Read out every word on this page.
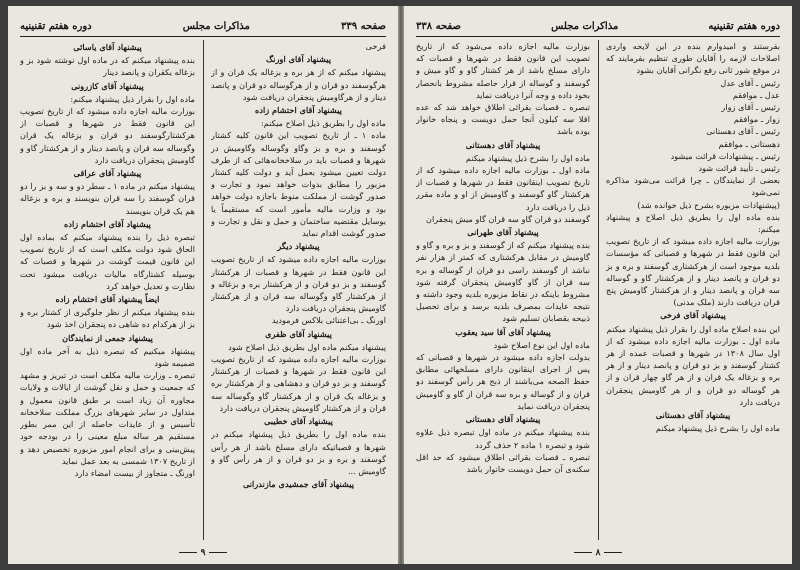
صفحه ۳۳۹
مذاکرات مجلس
دوره هفتم تقنینیه

فرخی

پیشنهاد آقای اورنگ

پیشنهاد میکنم که از هر بره و بزغاله یک قران و از هرگوسفند دو قران و از هرگوساله دو قران و پانصد دینار و از هرگاومیش پنجقران دریافت شود

پیشنهاد آقای احتشام زاده

ماده اول را بطریق ذیل اصلاح میکنم:

ماده ۱ ـ از تاریخ تصویب این قانون کلیه کشتار گوسفند و بره و بز وگاو وگوساله وگاومیش در شهرها و قصبات باید در سلاخخانه‌هائی که از طرف دولت تعیین میشود بعمل آید و دولت کلیه کشتار مزبور را مطابق بدوات خواهد نمود و تجارت و صدور گوشت از مملکت منوط باجازه دولت خواهد بود و وزارت مالیه مأمور است که مستقیماً یا بوسایل مقتضیه ساختمان و حمل و نقل و تجارت و صدور گوشت اقدام نماید

پیشنهاد دیگر

بوزارت مالیه اجازه داده میشود که از تاریخ تصویب این قانون فقط در شهرها و قصبات از هرکشتار گوسفند و بز دو قران و از هرکشتار بره و بزغاله و از هرکشتار گاو وگوساله سه قران و از هرکشتار گاومیش پنجقران دریافت دارد

اورنگ ـ بی‌اعتنائی بلاکس فرمودید

پیشنهاد آقای ظفری

پیشنهاد میکنم ماده اول بطریق ذیل اصلاح شود

بوزارت مالیه اجازه داده میشود که از تاریخ تصویب این قانون فقط در شهرها و قصبات از هرکشتار گوسفند و بز دو قران و دهشاهی و از هرکشتار بره و بزغاله یک قران و از هرکشتار گاو وگوساله سه قران و از هرکشتار گاومیش پنجقران دریافت دارد

پیشنهاد آقای خطیبی

بنده ماده اول را بطریق ذیل پیشنهاد میکنم در شهرها و قصباتیکه دارای مسلخ باشد از هر رأس گوسفند و بره و بز دو قران و از هر رأس گاو و گاومیش ...

پیشنهاد آقای جمشیدی مازندرانی

پیشنهاد آقای یاسائی

بنده پیشنهاد میکنم که در ماده اول نوشته شود بز و بزغاله یکقران و پانصد دینار

پیشنهاد آقای کازرونی

ماده اول را بقرار ذیل پیشنهاد میکنم:

بوزارت مالیه اجازه داده میشود که از تاریخ تصویب این قانون فقط در شهرها و قصبات از هرکشتارگوسفند دو قران و بزغاله یک قران وگوساله سه قران و پانصد دینار و از هرکشتار گاو و گاومیش پنجقران دریافت دارد

پیشنهاد آقای عراقی

پیشنهاد میکنم در ماده ۱ ـ سطر دو و سه و بز را دو قران گوسفند را سه قران بنویسند و بره و بزغاله هم یک قران بنویسند

پیشنهاد آقای احتشام زاده

تبصره ذیل را بنده پیشنهاد میکنم که بماده اول الحاق شود دولت مکلف است که از تاریخ تصویب این قانون قیمت گوشت در شهرها و قصبات که بوسیله کشتارگاه مالیات دریافت میشود تحت نظارت و تعدیل خواهد کرد

ایضاً پیشنهاد آقای احتشام زاده

بنده پیشنهاد میکنم از نظر جلوگیری از کشتار بره و بز از هرکدام ده شاهی ده پنجقران اخذ شود

پیشنهاد جمعی از نمایندگان

پیشنهاد میکنیم که تبصره ذیل به آخر ماده اول ضمیمه شود

تبصره ـ وزارت مالیه مکلف است در تبریز و مشهد که جمعیت و حمل و نقل گوشت از ایالات و ولایات مجاوره آن زیاد است بر طبق قانون معمول و متداول در سایر شهرهای بزرگ مملکت سلاخخانه تأسیس و از عایدات حاصله از این ممر بطور مستقیم هر ساله مبلغ معینی را در بودجه خود پیش‌بینی و برای انجام امور مزبوره تخصیص دهد و از تاریخ ۱۳۰۷ شمسی به بعد عمل نماید

اورنگ ـ متجاوز از بیست امضاء دارد

۹
دوره هفتم تقنینیه
مذاکرات مجلس
صفحه ۳۳۸

بقرستند و امیدوارم بنده در این لایحه واردی اصلاحات لازمه را آقایان طوری تنظیم بفرمایند که در موقع شور ثانی رفع نگرانی آقایان بشود

رئیس ـ آقای عدل

عدل ـ موافقم

رئیس ـ آقای زوار

زوار ـ موافقم

رئیس ـ آقای دهستانی

دهستانی ـ موافقم

رئیس ـ پیشنهادات قرائت میشود

رئیس ـ تأیید قرائت شود

بعضی از نمایندگان ـ چرا قرائت می‌شود مذاکره نمی‌شود

(پیشنهادات مزبوره بشرح ذیل خوانده شد)

بنده ماده اول را بطریق ذیل اصلاح و پیشنهاد میکنم:

بوزارت مالیه اجازه داده میشود که از تاریخ تصویب این قانون فقط در شهرها و قصباتی که مؤسسات بلدیه موجود است از هرکشتاری گوسفند و بره و بز دو قران و پانصد دینار و از هرکشتار گاو و گوساله سه قران و پانصد دینار و از هرکشتار گاومیش پنج قران دریافت دارند (ملک مدنی)

پیشنهاد آقای فرخی

این بنده اصلاح ماده اول را بقرار ذیل پیشنهاد میکنم

ماده اول ـ بوزارت مالیه اجازه داده میشود که از اول سال ۱۳۰۸ در شهرها و قصبات عمده از هر کشتار گوسفند و بز دو قران و پانصد دینار و از هر بره و بزغاله یک قران و از هر گاو چهار قران و از هر گوساله دو قران و از هر گاومیش پنجقران دریافت دارد

پیشنهاد آقای دهستانی

ماده اول را بشرح ذیل پیشنهاد میکنم

بوزارت مالیه اجازه داده می‌شود که از تاریخ تصویب این قانون فقط در شهرها و قصبات که دارای مسلخ باشد از هر کشتار گاو و گاو میش و گوسفند و گوساله از قرار حاصله مشروط بانحصار بخود داده و وجه آنرا دریافت نماید

تبصره ـ قصبات بقرائی اطلاق خواهد شد که عده اقلا سه کیلون آنجا حمل دویست و پنجاه خانوار بوده باشد

پیشنهاد آقای دهستانی

ماده اول را بشرح ذیل پیشنهاد میکنم

ماده اول ـ بوزارت مالیه اجازه داده میشود که از تاریخ تصویب اینقانون فقط در شهرها و قصبات از هرکشتار گاو گوسفند و گاومیش از او و ماده مقرر ذیل را دریافت دارد

گوسفند دو قران گاو سه قران گاو میش پنجقران

پیشنهاد آقای طهرانی

بنده پیشنهاد میکنم که از گوسفند و بز و بره و گاو و گاومیش در مقابل هرکشتاری که کمتر از هزار نفر نباشد از گوسفند راسی دو قران از گوساله و بره سه قران از گاو گاومیش پنجقران گرفته شود مشروط باینکه در نقاط مزبوره بلدیه وجود داشته و نتیجه عایدات بمصرف بلدیه برسد و برای تحصیل ذبیحه بقصابان تسلیم شود

پیشنهاد آقای آقا سید یعقوب

ماده اول این نوع اصلاح شود

بدولت اجازه داده میشود در شهرها و قصباتی که پس از اجرای اینقانون دارای مسلخهائی مطابق حفظ الصحه می‌باشند از ذبح هر رأس گوسفند دو قران و از گوساله و بره سه قران از گاو و گاومیش پنجقران دریافت نماید

پیشنهاد آقای دهستانی

بنده پیشنهاد میکنم در ماده اول تبصره ذیل علاوه شود و تبصره ۱ ماده ۲ حذف گردد

تبصره ـ قصبات بقرائی اطلاق میشود که حد اقل سکنه‌ی آن حمل دویست خانوار باشد

۸
